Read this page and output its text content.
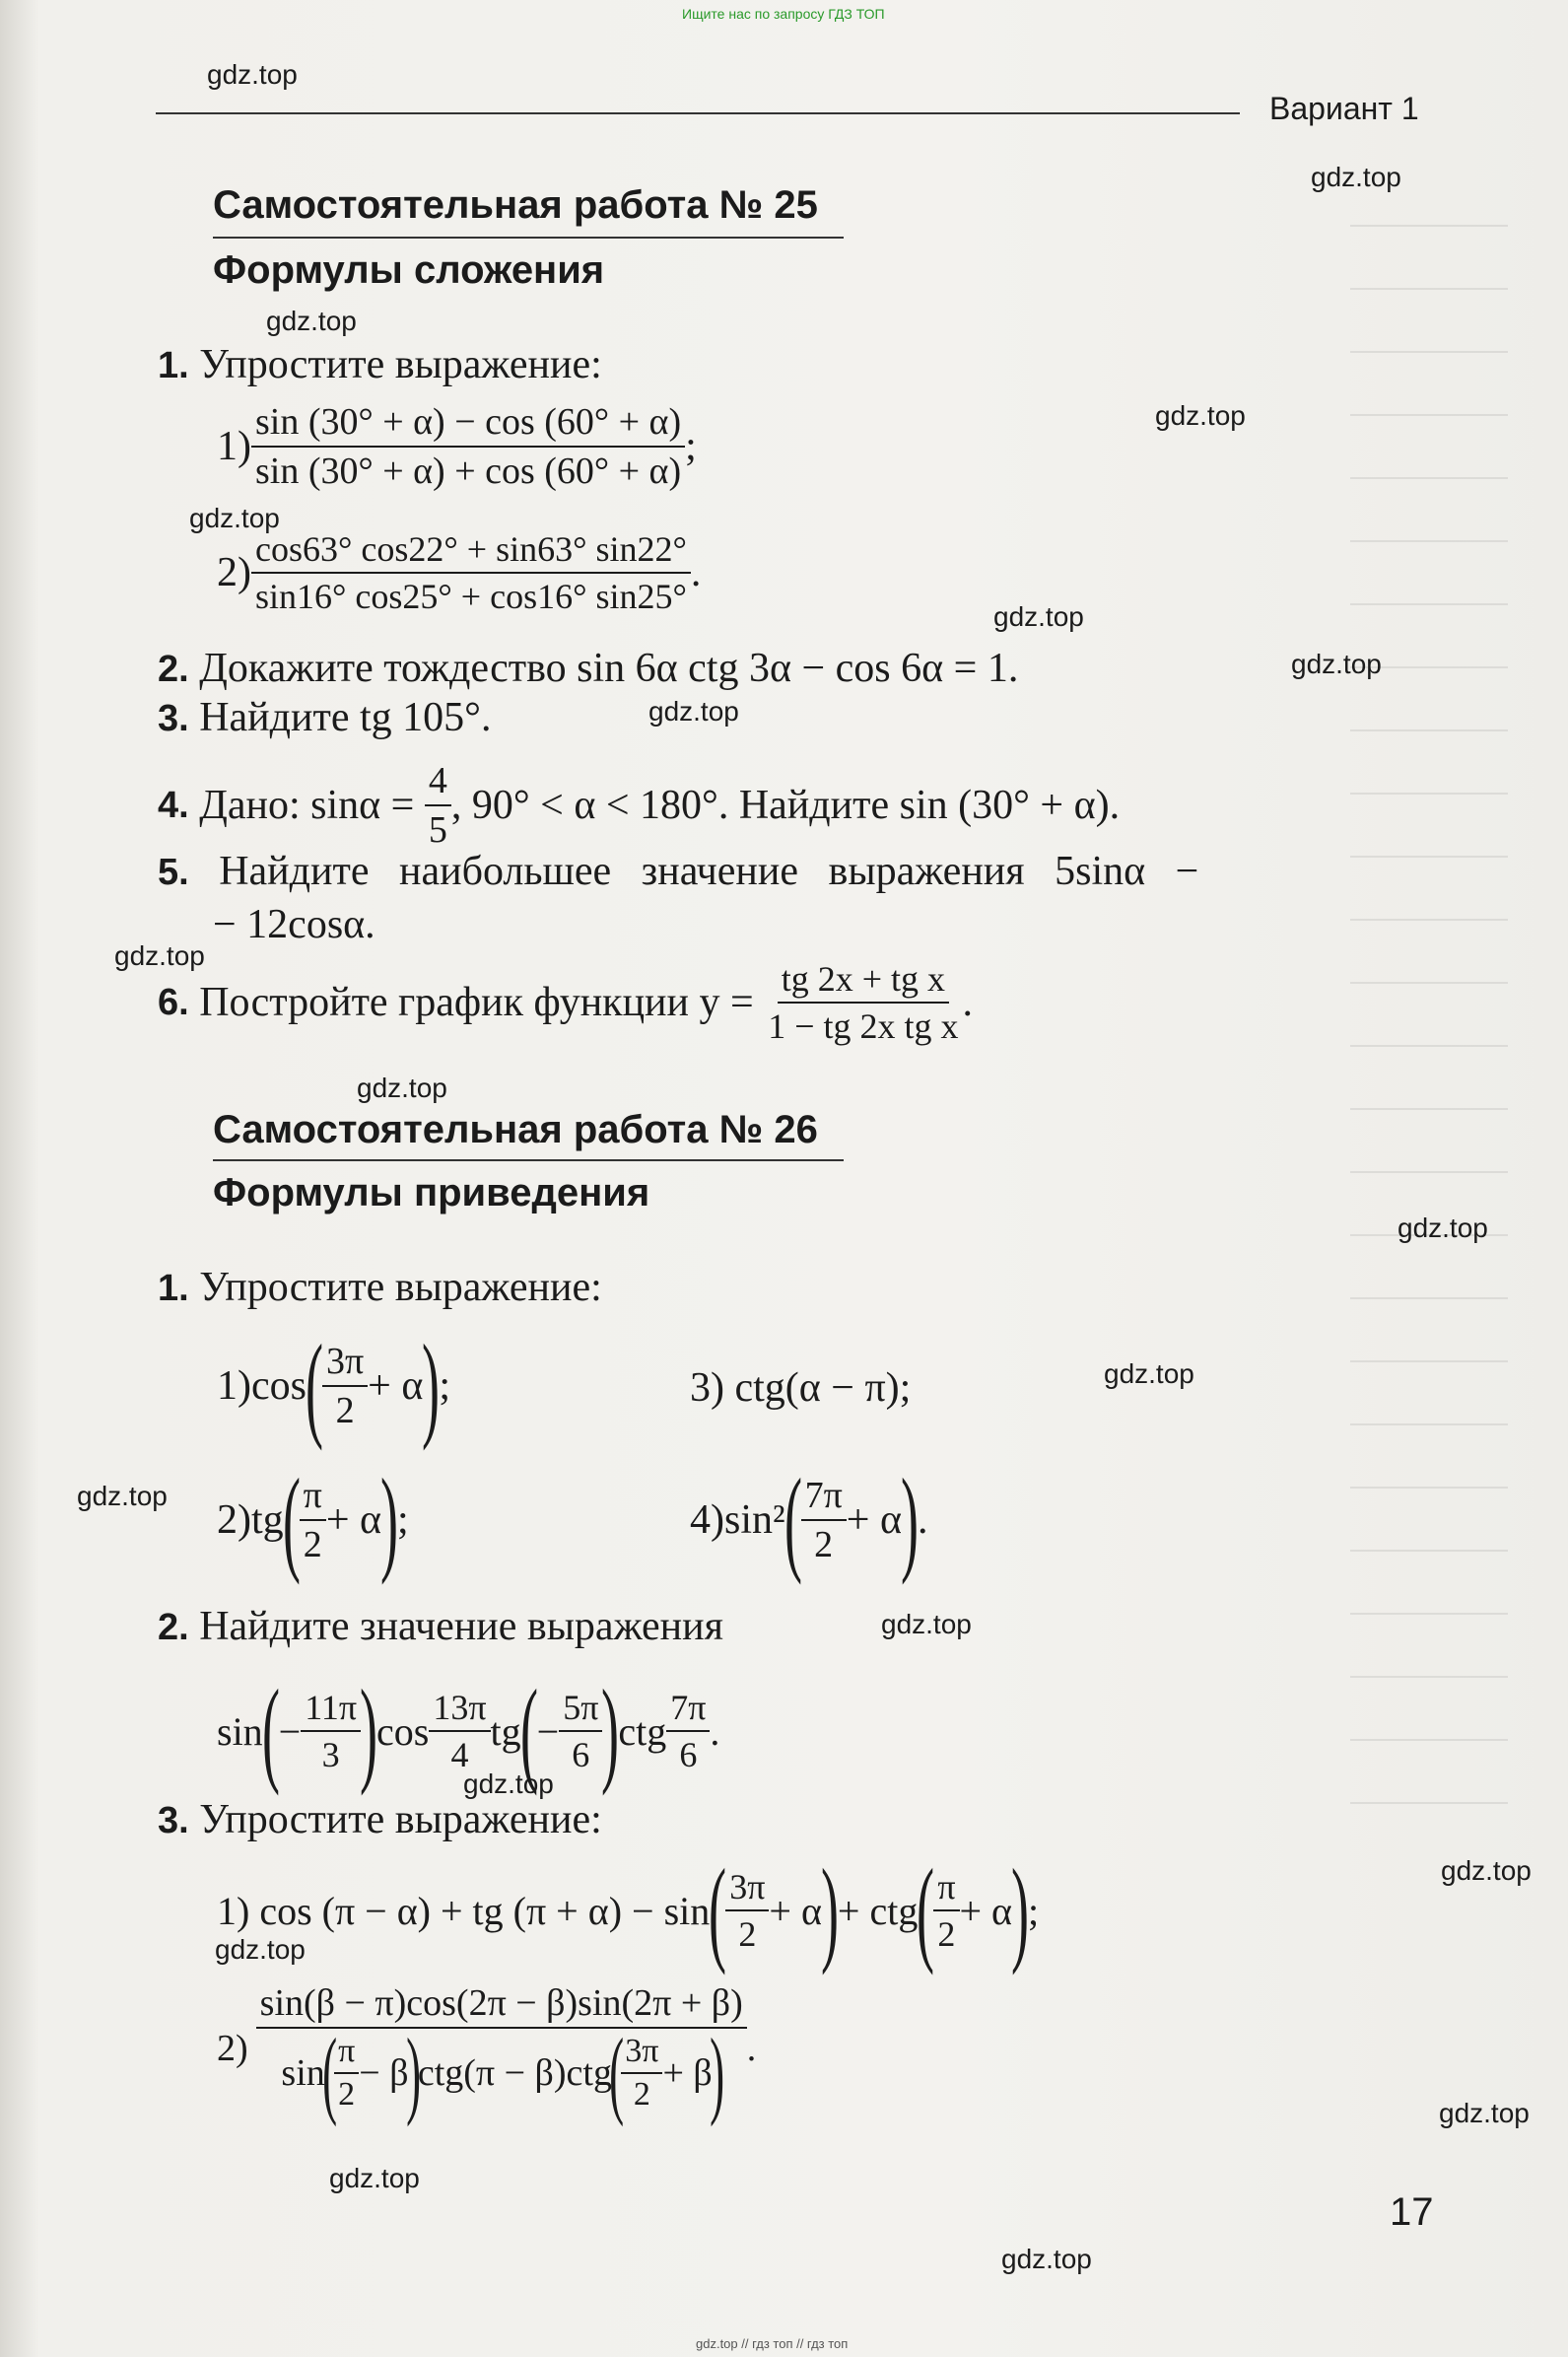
Ищите нас по запросу ГДЗ ТОП
Вариант 1
gdz.top
gdz.top
gdz.top
gdz.top
gdz.top
gdz.top
gdz.top
gdz.top
gdz.top
gdz.top
gdz.top
gdz.top
gdz.top
gdz.top
gdz.top
gdz.top
gdz.top
gdz.top
gdz.top
gdz.top
Самостоятельная работа № 25
Формулы сложения
1. Упростите выражение:
$1) \frac{\sin (30^\circ + \alpha) - \cos (60^\circ + \alpha)}{\sin (30^\circ + \alpha) + \cos (60^\circ + \alpha)}$ ;
$2) \frac{\cos 63^\circ \cos 22^\circ + \sin 63^\circ \sin 22^\circ}{\sin 16^\circ \cos 25^\circ + \cos 16^\circ \sin 25^\circ}$ .
2. Докажите тождество sin 6α ctg 3α − cos 6α = 1.
3. Найдите tg 105°.
4.
Дано: sinα =
$\frac{4}{5}$ , 90° < α < 180°. Найдите sin (30° + α).
5. Найдите наибольшее значение выражения 5sinα −
− 12cosα.
6.
Постройте график функции y =
$\frac{\text{tg 2x + tg x}}{\text{1 − tg 2x tg x}}$ .
Самостоятельная работа № 26
Формулы приведения
1. Упростите выражение:
1) cos
(
$\frac{3\pi}{2} + \alpha$
)
;	3) ctg(α − π);
2) tg
(
$\frac{\pi}{2} + \alpha$
)
;	4) sin²
(
$\frac{7\pi}{2} + \alpha$
)
.
2. Найдите значение выражения
sin
(
− $\frac{11\pi}{3}$
)
$\cos \frac{13\pi}{4}$ tg
(
− $\frac{5\pi}{6}$
)
ctg $\frac{7\pi}{6}$ .
3. Упростите выражение:
1) cos (π − α) + tg (π + α) − sin
(
$\frac{3\pi}{2} + \alpha$
)
+ ctg
(
$\frac{\pi}{2} + \alpha$
)
;
2)
sin(β − π)cos(2π − β)sin(2π + β)
sin
(
$\frac{\pi}{2} - \beta$
)
ctg(π − β)ctg
(
$\frac{3\pi}{2} + \beta$
) .
17
gdz.top // гдз топ // гдз топ
